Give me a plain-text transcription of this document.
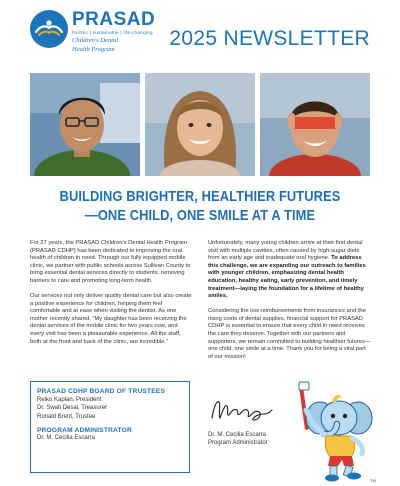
PRASAD
holistic | sustainable | life-changing
Children's Dental
Health Program	2025 NEWSLETTER
BUILDING BRIGHTER, HEALTHIER FUTURES
—ONE CHILD, ONE SMILE AT A TIME

For 27 years, the PRASAD Children’s Dental Health Program (PRASAD CDHP) has been dedicated to improving the oral health of children in need. Through our fully equipped mobile clinic, we partner with public schools across Sullivan County to bring essential dental services directly to students, removing barriers to care and promoting long-term health.

Our services not only deliver quality dental care but also create a positive experience for children, helping them feel comfortable and at ease when visiting the dentist. As one mother recently shared, “My daughter has been receiving the dental services of the mobile clinic for two years now, and every visit has been a pleasurable experience. All the staff, both at the front and back of the clinic, are incredible.”

Unfortunately, many young children arrive at their first dental visit with multiple cavities, often caused by high-sugar diets from an early age and inadequate oral hygiene. To address this challenge, we are expanding our outreach to families with younger children, emphasizing dental health education, healthy eating, early prevention, and timely treatment—laying the foundation for a lifetime of healthy smiles.

Considering the low reimbursements from insurances and the rising costs of dental supplies, financial support for PRASAD CDHP is essential to ensure that every child in need receives the care they deserve. Together with our partners and supporters, we remain committed to building healthier futures—one child, one smile at a time. Thank you for being a vital part of our mission!

PRASAD CDHP BOARD OF TRUSTEES
Reiko Kaplan, President
Dr. Swati Desai, Treasurer
Ronald Brent, Trustee
PROGRAM ADMINISTRATOR
Dr. M. Cecilia Escarra	Dr. M. Cecilia Escarra
Program Administrator
TM
